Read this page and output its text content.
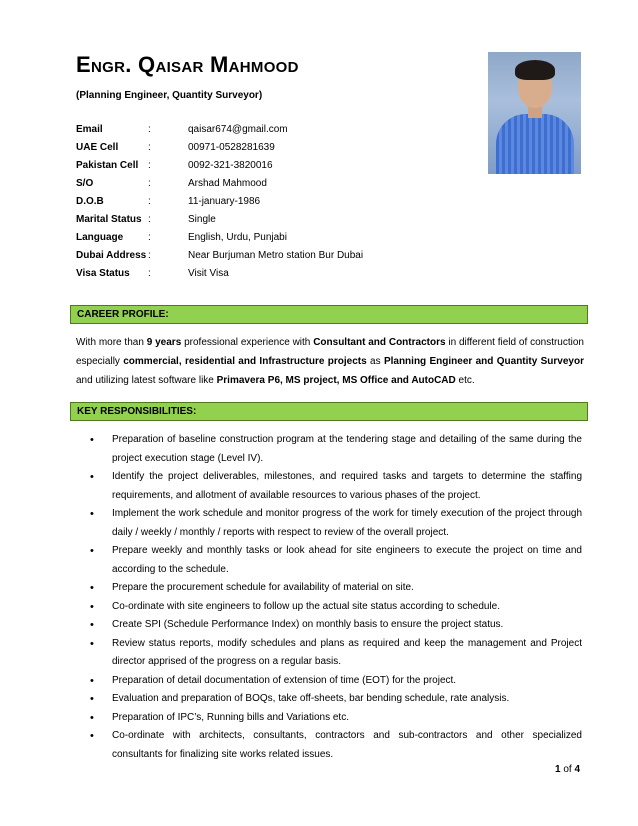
Engr. Qaisar Mahmood
(Planning Engineer, Quantity Surveyor)
Email	:	qaisar674@gmail.com
UAE Cell	:	00971-0528281639
Pakistan Cell :	0092-321-3820016
S/O	:	Arshad Mahmood
D.O.B	:	11-january-1986
Marital Status :	Single
Language :	English, Urdu, Punjabi
Dubai Address :	Near Burjuman Metro station Bur Dubai
Visa Status :	Visit Visa
CAREER PROFILE:
With more than 9 years professional experience with Consultant and Contractors in different field of construction especially commercial, residential and Infrastructure projects as Planning Engineer and Quantity Surveyor and utilizing latest software like Primavera P6, MS project, MS Office and AutoCAD etc.
KEY RESPONSIBILITIES:
• Preparation of baseline construction program at the tendering stage and detailing of the same during the project execution stage (Level IV).
• Identify the project deliverables, milestones, and required tasks and targets to determine the staffing requirements, and allotment of available resources to various phases of the project.
• Implement the work schedule and monitor progress of the work for timely execution of the project through daily / weekly / monthly / reports with respect to review of the overall project.
• Prepare weekly and monthly tasks or look ahead for site engineers to execute the project on time and according to the schedule.
• Prepare the procurement schedule for availability of material on site.
• Co-ordinate with site engineers to follow up the actual site status according to schedule.
• Create SPI (Schedule Performance Index) on monthly basis to ensure the project status.
• Review status reports, modify schedules and plans as required and keep the management and Project director apprised of the progress on a regular basis.
• Preparation of detail documentation of extension of time (EOT) for the project.
• Evaluation and preparation of BOQs, take off-sheets, bar bending schedule, rate analysis.
• Preparation of IPC’s, Running bills and Variations etc.
• Co-ordinate with architects, consultants, contractors and sub-contractors and other specialized consultants for finalizing site works related issues.
1 of 4
